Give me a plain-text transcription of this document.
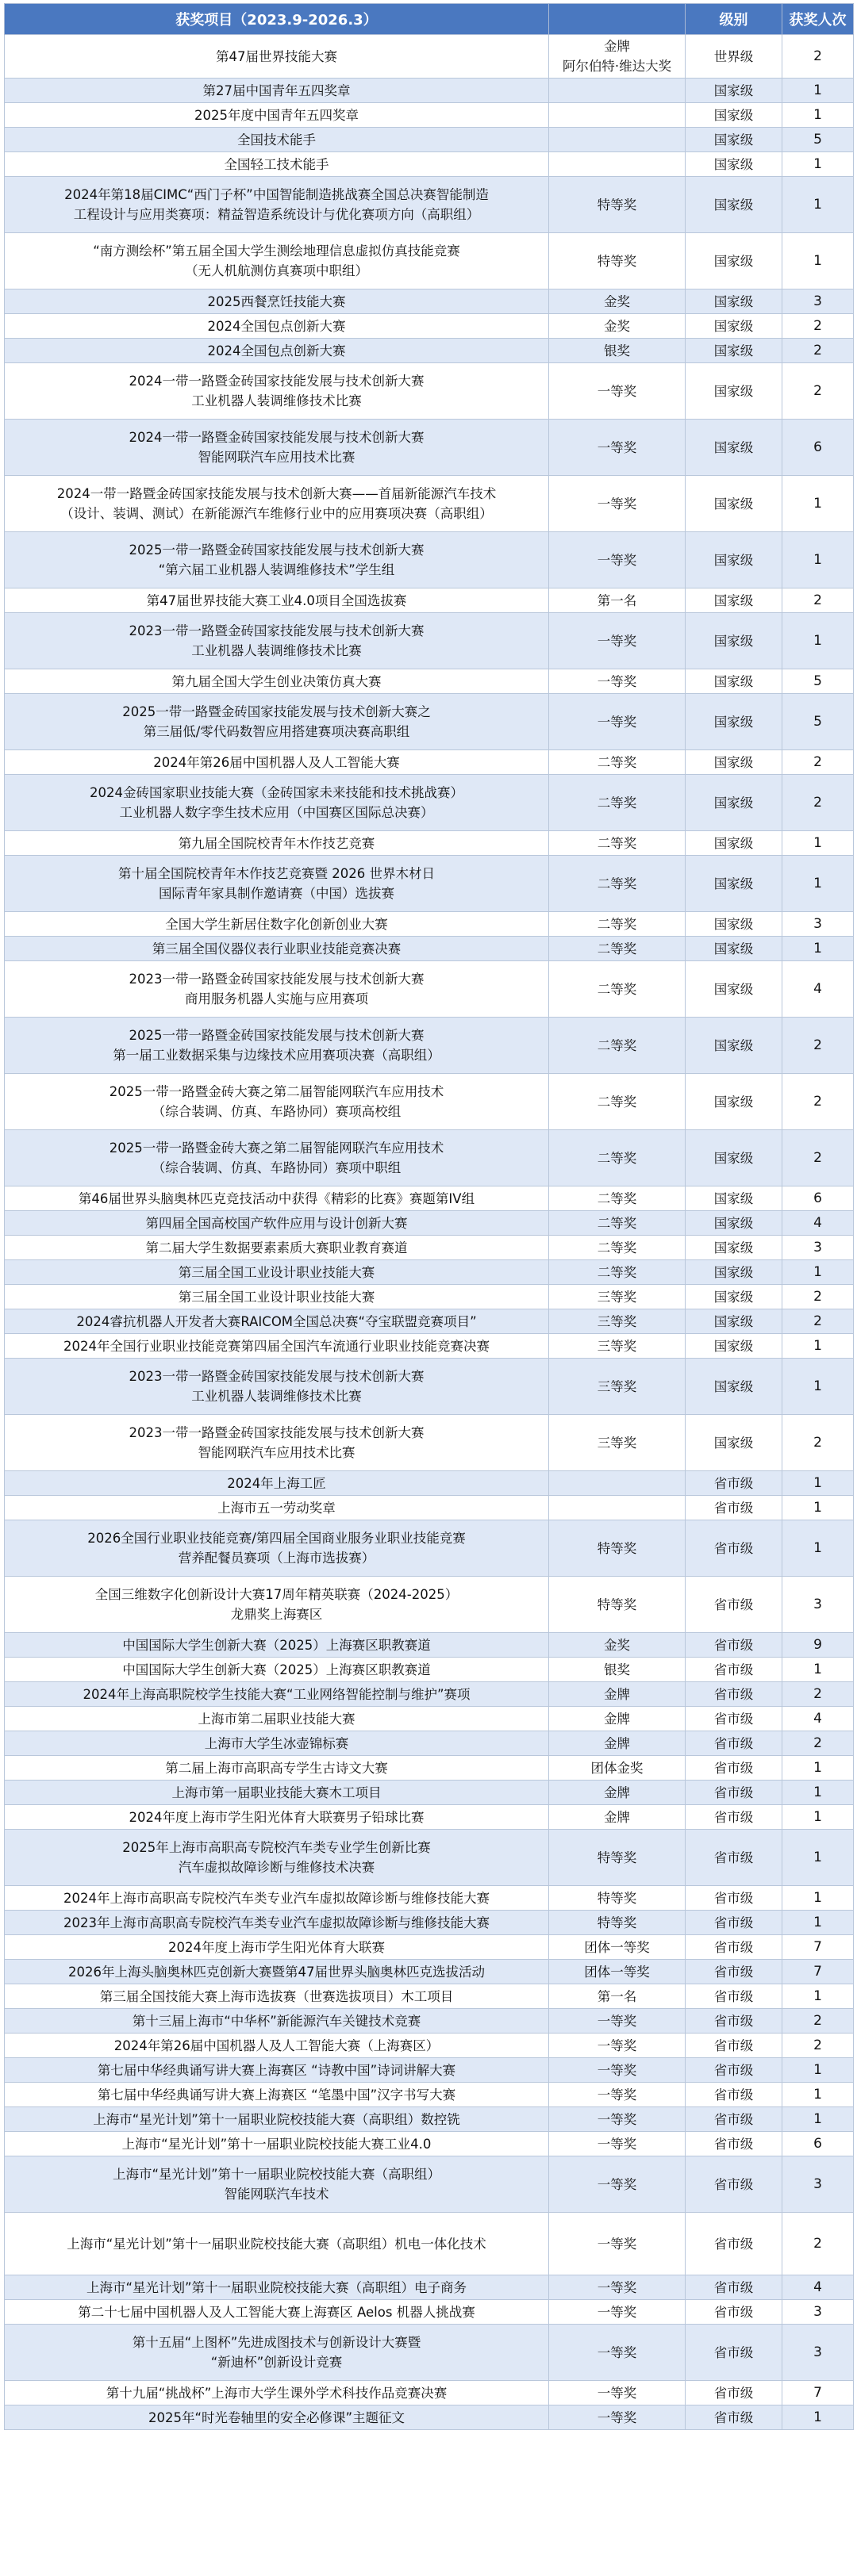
获奖项目（2023.9-2026.3）		级别	获奖人次
第47届世界技能大赛	金牌
阿尔伯特·维达大奖	世界级	2
第27届中国青年五四奖章		国家级	1
2025年度中国青年五四奖章		国家级	1
全国技术能手		国家级	5
全国轻工技术能手		国家级	1
2024年第18届CIMC“西门子杯”中国智能制造挑战赛全国总决赛智能制造
工程设计与应用类赛项：精益智造系统设计与优化赛项方向（高职组）	特等奖	国家级	1
“南方测绘杯”第五届全国大学生测绘地理信息虚拟仿真技能竞赛
（无人机航测仿真赛项中职组）	特等奖	国家级	1
2025西餐烹饪技能大赛	金奖	国家级	3
2024全国包点创新大赛	金奖	国家级	2
2024全国包点创新大赛	银奖	国家级	2
2024一带一路暨金砖国家技能发展与技术创新大赛
工业机器人装调维修技术比赛	一等奖	国家级	2
2024一带一路暨金砖国家技能发展与技术创新大赛
智能网联汽车应用技术比赛	一等奖	国家级	6
2024一带一路暨金砖国家技能发展与技术创新大赛——首届新能源汽车技术
（设计、装调、测试）在新能源汽车维修行业中的应用赛项决赛（高职组）	一等奖	国家级	1
2025一带一路暨金砖国家技能发展与技术创新大赛
“第六届工业机器人装调维修技术”学生组	一等奖	国家级	1
第47届世界技能大赛工业4.0项目全国选拔赛	第一名	国家级	2
2023一带一路暨金砖国家技能发展与技术创新大赛
工业机器人装调维修技术比赛	一等奖	国家级	1
第九届全国大学生创业决策仿真大赛	一等奖	国家级	5
2025一带一路暨金砖国家技能发展与技术创新大赛之
第三届低/零代码数智应用搭建赛项决赛高职组	一等奖	国家级	5
2024年第26届中国机器人及人工智能大赛	二等奖	国家级	2
2024金砖国家职业技能大赛（金砖国家未来技能和技术挑战赛）
工业机器人数字孪生技术应用（中国赛区国际总决赛）	二等奖	国家级	2
第九届全国院校青年木作技艺竞赛	二等奖	国家级	1
第十届全国院校青年木作技艺竞赛暨 2026 世界木材日
国际青年家具制作邀请赛（中国）选拔赛	二等奖	国家级	1
全国大学生新居住数字化创新创业大赛	二等奖	国家级	3
第三届全国仪器仪表行业职业技能竞赛决赛	二等奖	国家级	1
2023一带一路暨金砖国家技能发展与技术创新大赛
商用服务机器人实施与应用赛项	二等奖	国家级	4
2025一带一路暨金砖国家技能发展与技术创新大赛
第一届工业数据采集与边缘技术应用赛项决赛（高职组）	二等奖	国家级	2
2025一带一路暨金砖大赛之第二届智能网联汽车应用技术
（综合装调、仿真、车路协同）赛项高校组	二等奖	国家级	2
2025一带一路暨金砖大赛之第二届智能网联汽车应用技术
（综合装调、仿真、车路协同）赛项中职组	二等奖	国家级	2
第46届世界头脑奥林匹克竞技活动中获得《精彩的比赛》赛题第IV组	二等奖	国家级	6
第四届全国高校国产软件应用与设计创新大赛	二等奖	国家级	4
第二届大学生数据要素素质大赛职业教育赛道	二等奖	国家级	3
第三届全国工业设计职业技能大赛	二等奖	国家级	1
第三届全国工业设计职业技能大赛	三等奖	国家级	2
2024睿抗机器人开发者大赛RAICOM全国总决赛“夺宝联盟竞赛项目”	三等奖	国家级	2
2024年全国行业职业技能竞赛第四届全国汽车流通行业职业技能竞赛决赛	三等奖	国家级	1
2023一带一路暨金砖国家技能发展与技术创新大赛
工业机器人装调维修技术比赛	三等奖	国家级	1
2023一带一路暨金砖国家技能发展与技术创新大赛
智能网联汽车应用技术比赛	三等奖	国家级	2
2024年上海工匠		省市级	1
上海市五一劳动奖章		省市级	1
2026全国行业职业技能竞赛/第四届全国商业服务业职业技能竞赛
营养配餐员赛项（上海市选拔赛）	特等奖	省市级	1
全国三维数字化创新设计大赛17周年精英联赛（2024-2025）
龙鼎奖上海赛区	特等奖	省市级	3
中国国际大学生创新大赛（2025）上海赛区职教赛道	金奖	省市级	9
中国国际大学生创新大赛（2025）上海赛区职教赛道	银奖	省市级	1
2024年上海高职院校学生技能大赛“工业网络智能控制与维护”赛项	金牌	省市级	2
上海市第二届职业技能大赛	金牌	省市级	4
上海市大学生冰壶锦标赛	金牌	省市级	2
第二届上海市高职高专学生古诗文大赛	团体金奖	省市级	1
上海市第一届职业技能大赛木工项目	金牌	省市级	1
2024年度上海市学生阳光体育大联赛男子铅球比赛	金牌	省市级	1
2025年上海市高职高专院校汽车类专业学生创新比赛
汽车虚拟故障诊断与维修技术决赛	特等奖	省市级	1
2024年上海市高职高专院校汽车类专业汽车虚拟故障诊断与维修技能大赛	特等奖	省市级	1
2023年上海市高职高专院校汽车类专业汽车虚拟故障诊断与维修技能大赛	特等奖	省市级	1
2024年度上海市学生阳光体育大联赛	团体一等奖	省市级	7
2026年上海头脑奥林匹克创新大赛暨第47届世界头脑奥林匹克选拔活动	团体一等奖	省市级	7
第三届全国技能大赛上海市选拔赛（世赛选拔项目）木工项目	第一名	省市级	1
第十三届上海市“中华杯”新能源汽车关键技术竞赛	一等奖	省市级	2
2024年第26届中国机器人及人工智能大赛（上海赛区）	一等奖	省市级	2
第七届中华经典诵写讲大赛上海赛区 “诗教中国”诗词讲解大赛	一等奖	省市级	1
第七届中华经典诵写讲大赛上海赛区 “笔墨中国”汉字书写大赛	一等奖	省市级	1
上海市“星光计划”第十一届职业院校技能大赛（高职组）数控铣	一等奖	省市级	1
上海市“星光计划”第十一届职业院校技能大赛工业4.0	一等奖	省市级	6
上海市“星光计划”第十一届职业院校技能大赛（高职组）
智能网联汽车技术	一等奖	省市级	3
上海市“星光计划”第十一届职业院校技能大赛（高职组）机电一体化技术	一等奖	省市级	2
上海市“星光计划”第十一届职业院校技能大赛（高职组）电子商务	一等奖	省市级	4
第二十七届中国机器人及人工智能大赛上海赛区 Aelos 机器人挑战赛	一等奖	省市级	3
第十五届“上图杯”先进成图技术与创新设计大赛暨
“新迪杯”创新设计竞赛	一等奖	省市级	3
第十九届“挑战杯”上海市大学生课外学术科技作品竞赛决赛	一等奖	省市级	7
2025年“时光卷轴里的安全必修课”主题征文	一等奖	省市级	1
